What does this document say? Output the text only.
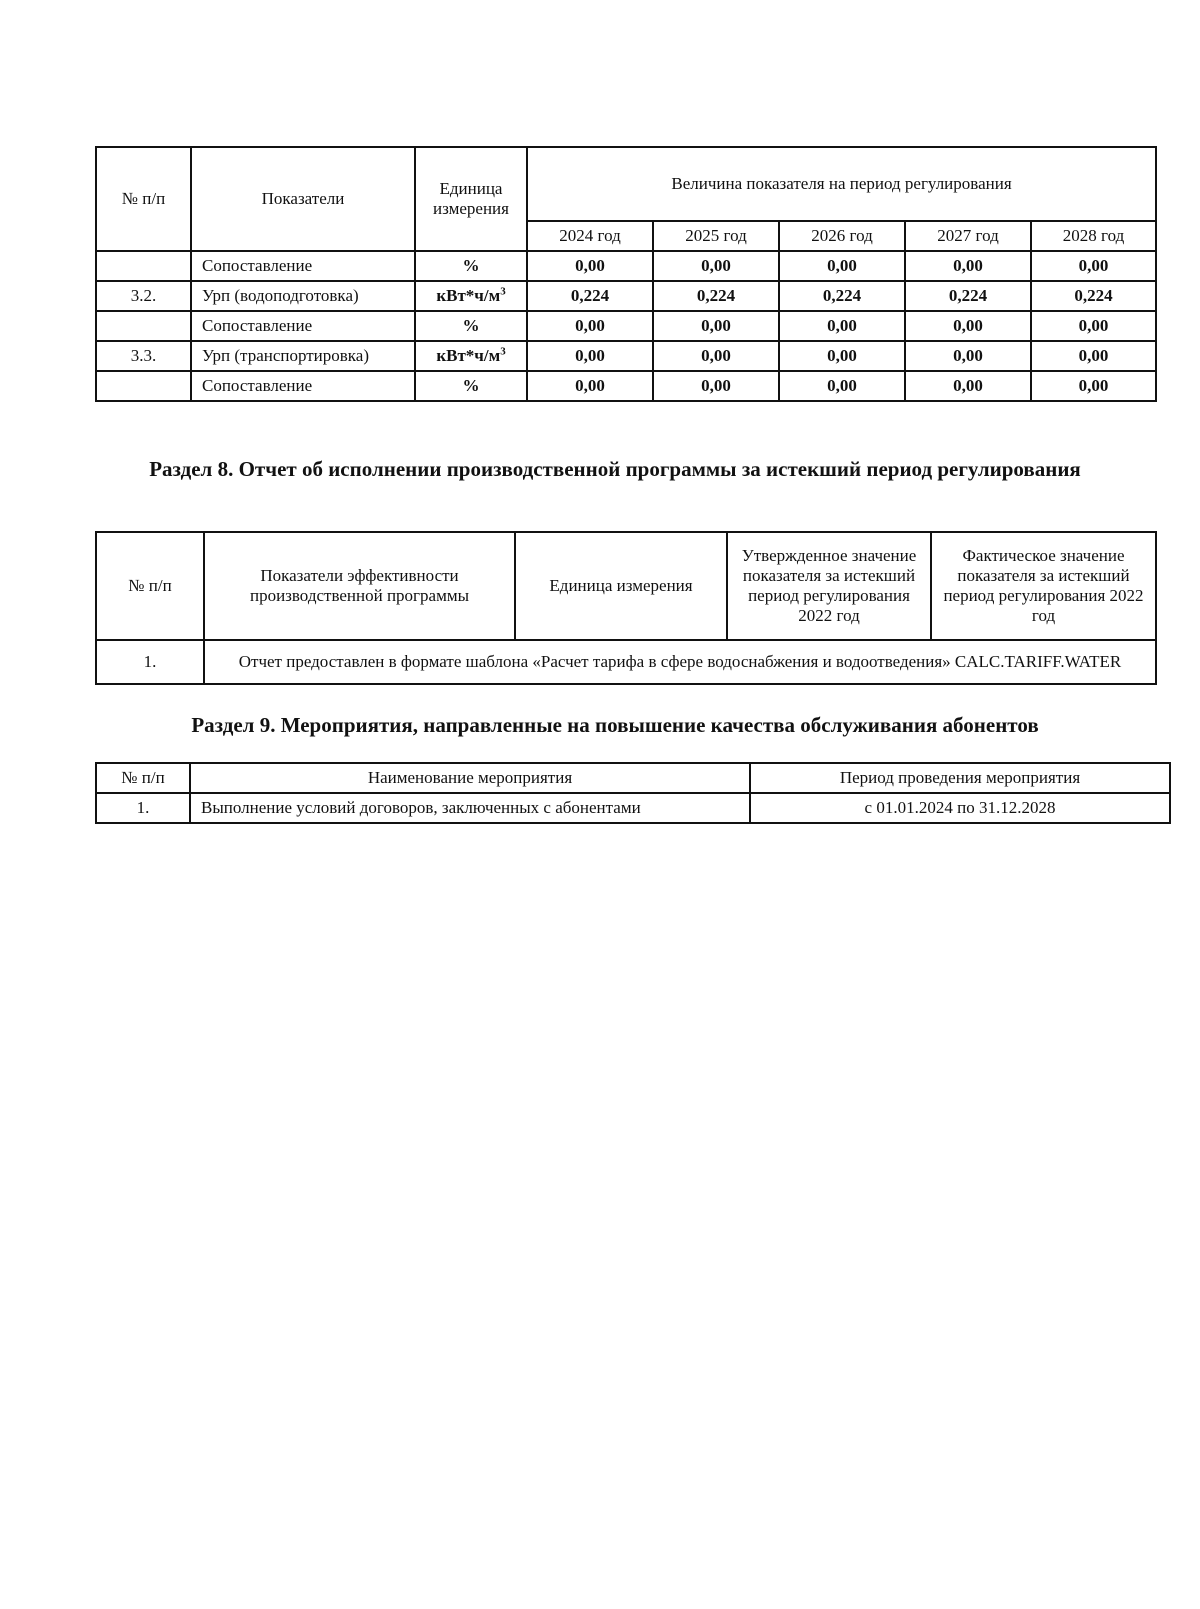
№ п/п	Показатели	Единица измерения	Величина показателя на период регулирования				
			2024 год	2025 год	2026 год	2027 год	2028 год
	Сопоставление	%	0,00	0,00	0,00	0,00	0,00
3.2.	Урп (водоподготовка)	$кВт*ч/м^3$	0,224	0,224	0,224	0,224	0,224
	Сопоставление	%	0,00	0,00	0,00	0,00	0,00
3.3.	Урп (транспортировка)	$кВт*ч/м^3$	0,00	0,00	0,00	0,00	0,00
	Сопоставление	%	0,00	0,00	0,00	0,00	0,00
Раздел 8. Отчет об исполнении производственной программы за истекший период регулирования
№ п/п	Показатели эффективности производственной программы	Единица измерения	Утвержденное значение показателя за истекший период регулирования 2022 год	Фактическое значение показателя за истекший период регулирования 2022 год
1.	Отчет предоставлен в формате шаблона «Расчет тарифа в сфере водоснабжения и водоотведения» CALC.TARIFF.WATER			
Раздел 9. Мероприятия, направленные на повышение качества обслуживания абонентов
№ п/п	Наименование мероприятия	Период проведения мероприятия
1.	Выполнение условий договоров, заключенных с абонентами	с 01.01.2024 по 31.12.2028
